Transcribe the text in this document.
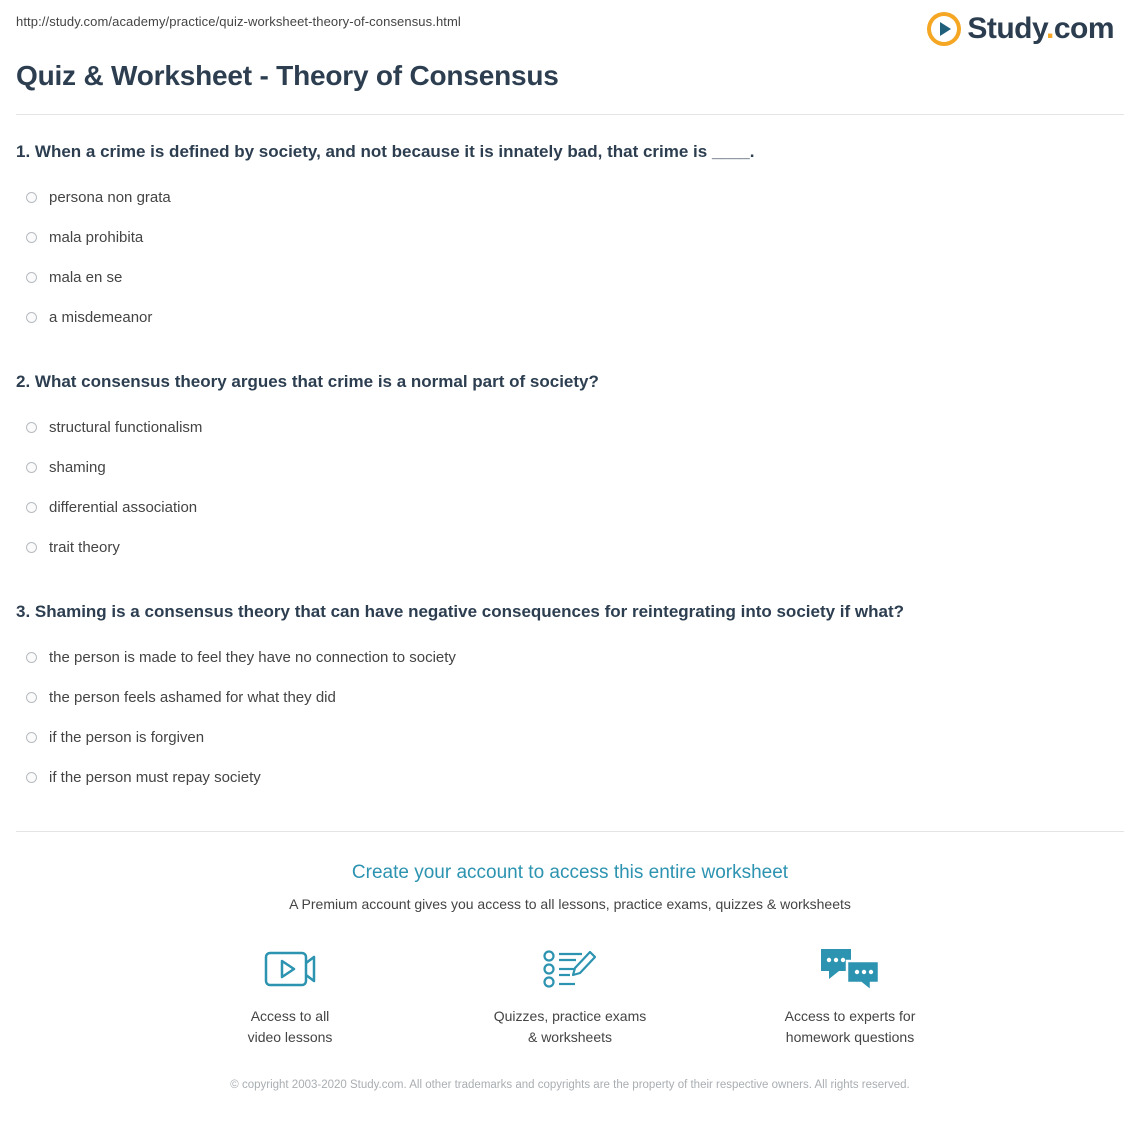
http://study.com/academy/practice/quiz-worksheet-theory-of-consensus.html	Study.com
Quiz & Worksheet - Theory of Consensus

1. When a crime is defined by society, and not because it is innately bad, that crime is ____.

persona non grata
mala prohibita
mala en se
a misdemeanor

2. What consensus theory argues that crime is a normal part of society?

structural functionalism
shaming
differential association
trait theory

3. Shaming is a consensus theory that can have negative consequences for reintegrating into society if what?

the person is made to feel they have no connection to society
the person feels ashamed for what they did
if the person is forgiven
if the person must repay society
Create your account to access this entire worksheet

A Premium account gives you access to all lessons, practice exams, quizzes & worksheets

Access to all
video lessons
Quizzes, practice exams
& worksheets
Access to experts for
homework questions
© copyright 2003-2020 Study.com. All other trademarks and copyrights are the property of their respective owners. All rights reserved.
